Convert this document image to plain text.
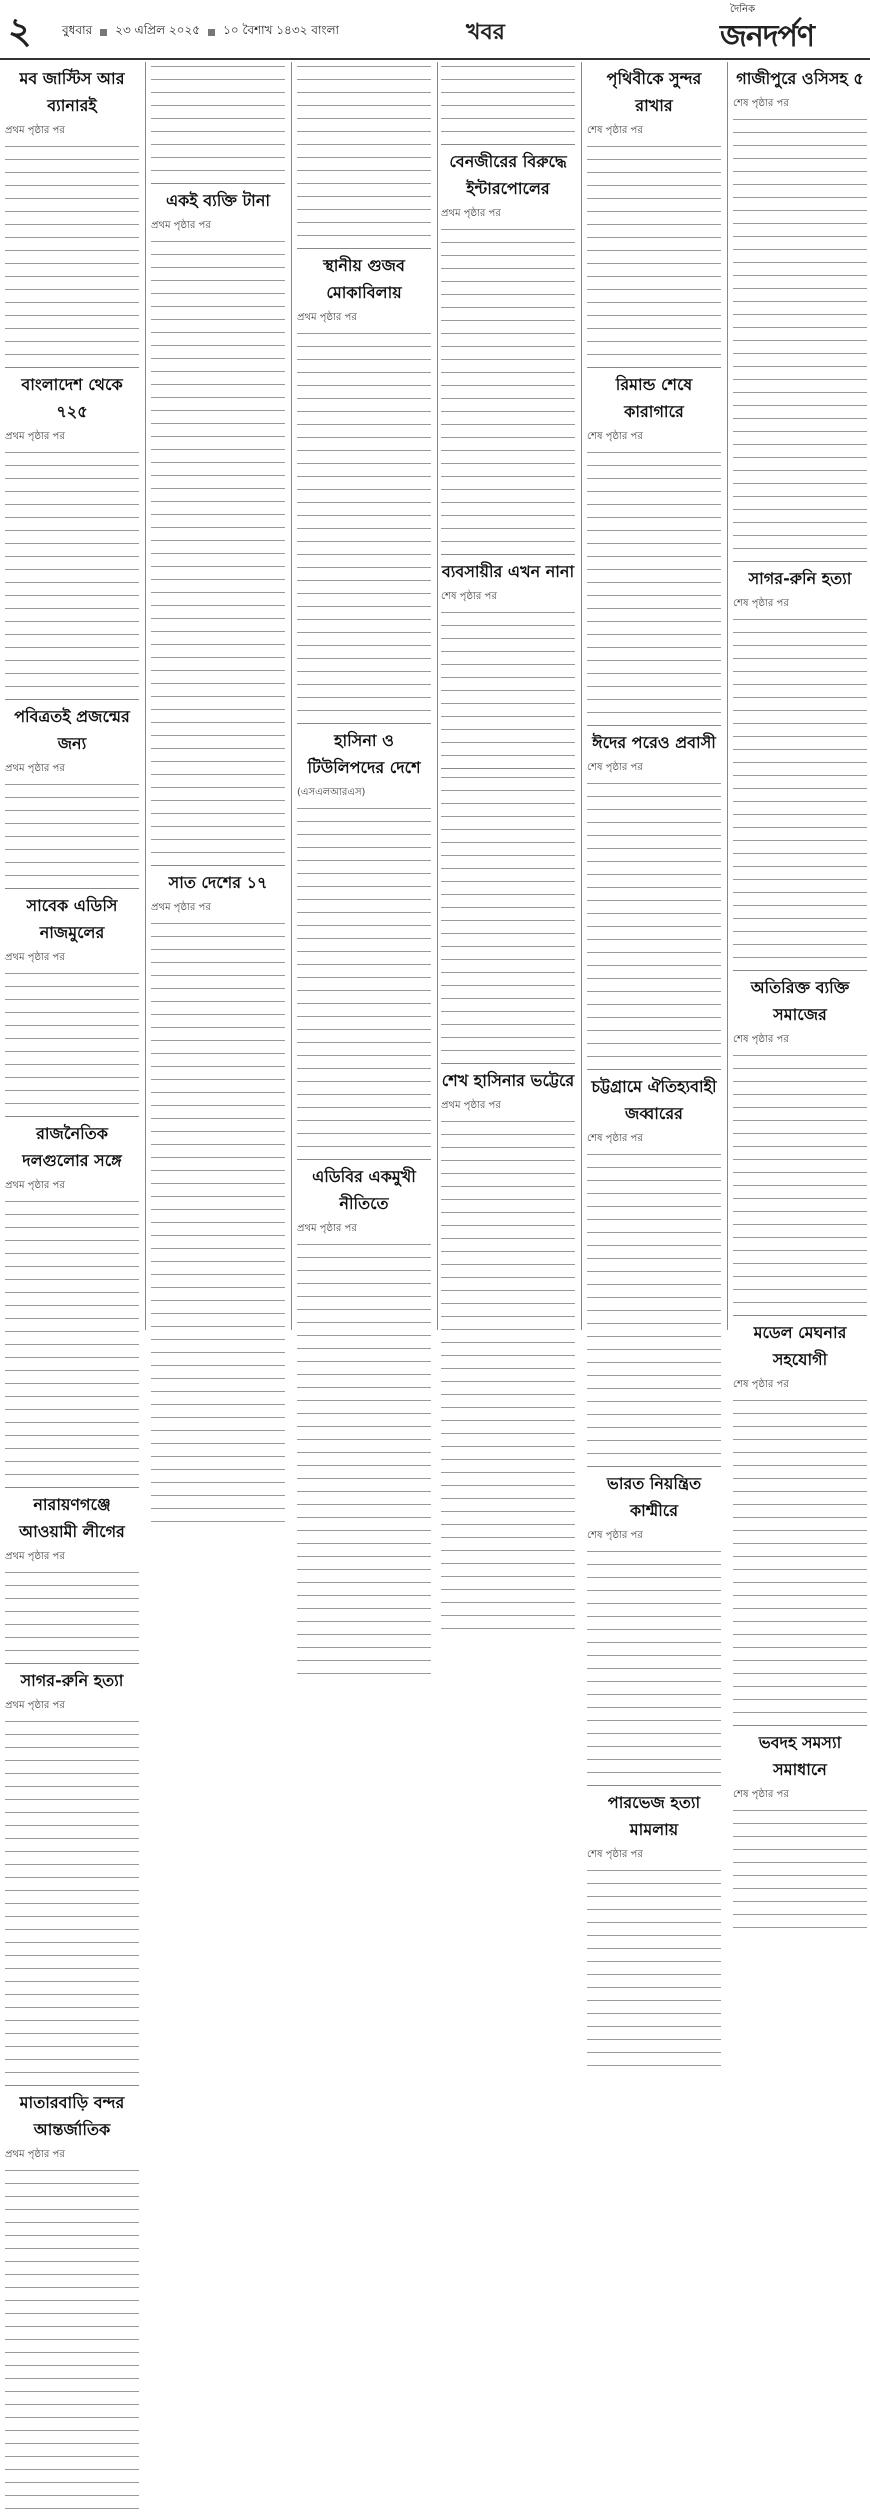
২	বুধবার ২৩ এপ্রিল ২০২৫ ১০ বৈশাখ ১৪৩২ বাংলা	খবর
দৈনিক
জনদর্পণ
মব জাস্টিস আর ব্যানারই
প্রথম পৃষ্ঠার পর
বাংলাদেশ থেকে ৭২৫
প্রথম পৃষ্ঠার পর
পবিত্রতই প্রজন্মের জন্য
প্রথম পৃষ্ঠার পর
সাবেক এডিসি নাজমুলের
প্রথম পৃষ্ঠার পর
রাজনৈতিক দলগুলোর সঙ্গে
প্রথম পৃষ্ঠার পর
নারায়ণগঞ্জে আওয়ামী লীগের
প্রথম পৃষ্ঠার পর
সাগর-রুনি হত্যা
প্রথম পৃষ্ঠার পর
মাতারবাড়ি বন্দর আন্তর্জাতিক
প্রথম পৃষ্ঠার পর
একই ব্যক্তি টানা
প্রথম পৃষ্ঠার পর
সাত দেশের ১৭
প্রথম পৃষ্ঠার পর
স্থানীয় গুজব মোকাবিলায়
প্রথম পৃষ্ঠার পর
হাসিনা ও টিউলিপদের দেশে
(এসএলআরএস)
এডিবির একমুখী নীতিতে
প্রথম পৃষ্ঠার পর
বেনজীরের বিরুদ্ধে ইন্টারপোলের
প্রথম পৃষ্ঠার পর
ব্যবসায়ীর এখন নানা
শেষ পৃষ্ঠার পর
শেখ হাসিনার ভট্টেরে
প্রথম পৃষ্ঠার পর
পৃথিবীকে সুন্দর রাখার
শেষ পৃষ্ঠার পর
রিমান্ড শেষে কারাগারে
শেষ পৃষ্ঠার পর
ঈদের পরেও প্রবাসী
শেষ পৃষ্ঠার পর
চট্টগ্রামে ঐতিহ্যবাহী জব্বারের
শেষ পৃষ্ঠার পর
ভারত নিয়ন্ত্রিত কাশ্মীরে
শেষ পৃষ্ঠার পর
পারভেজ হত্যা মামলায়
শেষ পৃষ্ঠার পর
গাজীপুরে ওসিসহ ৫
শেষ পৃষ্ঠার পর
সাগর-রুনি হত্যা
শেষ পৃষ্ঠার পর
অতিরিক্ত ব্যক্তি সমাজের
শেষ পৃষ্ঠার পর
মডেল মেঘনার সহযোগী
শেষ পৃষ্ঠার পর
ভবদহ সমস্যা সমাধানে
শেষ পৃষ্ঠার পর
